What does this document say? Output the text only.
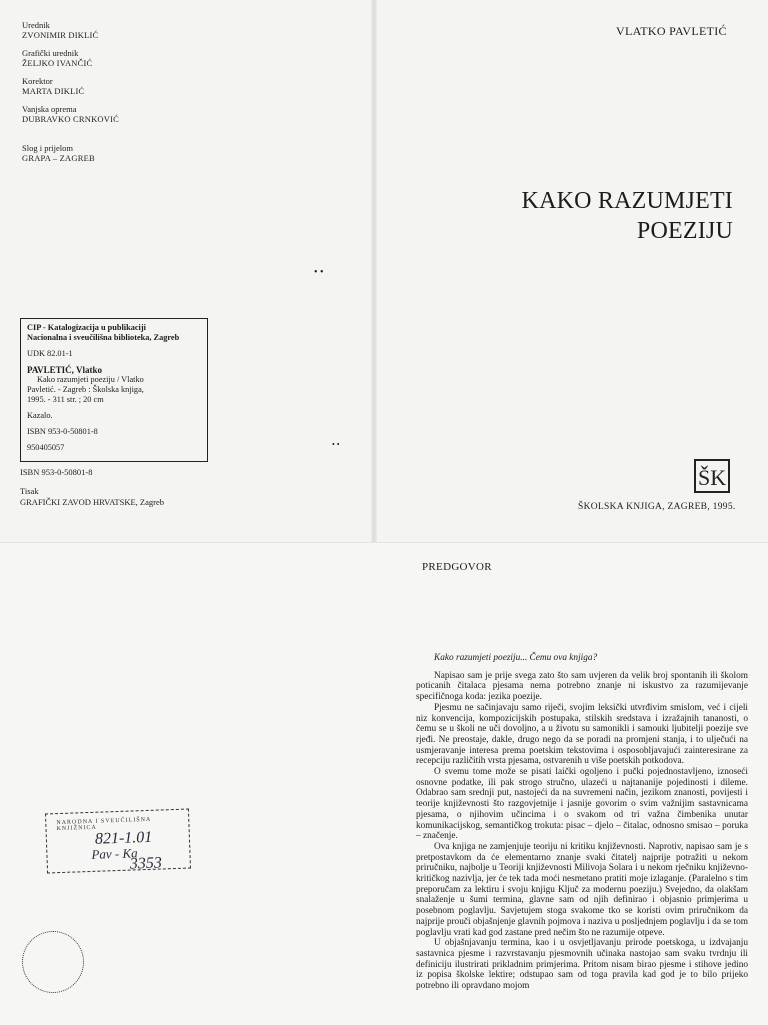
Urednik
ZVONIMIR DIKLIĆ
Grafički urednik
ŽELJKO IVANČIĆ
Korektor
MARTA DIKLIĆ
Vanjska oprema
DUBRAVKO CRNKOVIĆ
Slog i prijelom
GRAPA – ZAGREB
• •
CIP - Katalogizacija u publikaciji
Nacionalna i sveučilišna biblioteka, Zagreb
UDK 82.01-1
PAVLETIĆ, Vlatko
Kako razumjeti poeziju / Vlatko
Pavletić. - Zagreb : Školska knjiga,
1995. - 311 str. ; 20 cm
Kazalo.
ISBN 953-0-50801-8
950405057	• •
ISBN 953-0-50801-8
Tisak
GRAFIČKI ZAVOD HRVATSKE, Zagreb
VLATKO PAVLETIĆ
KAKO RAZUMJETI
POEZIJU
ŠK
ŠKOLSKA KNJIGA, ZAGREB, 1995.
PREDGOVOR
NARODNA I SVEUČILIŠNA KNJIŽNICA
821-1.01
Pav - Ka
3353
Kako razumjeti poeziju... Čemu ova knjiga?

Napisao sam je prije svega zato što sam uvjeren da velik broj spontanih ili školom poticanih čitalaca pjesama nema potrebno znanje ni iskustvo za razumijevanje specifičnoga koda: jezika poezije.

Pjesmu ne sačinjavaju samo riječi, svojim leksički utvrđivim smislom, već i cijeli niz konvencija, kompozicijskih postupaka, stilskih sredstava i izražajnih tananosti, o čemu se u školi ne uči dovoljno, a u životu su samonikli i samouki ljubitelji poezije sve rjeđi. Ne preostaje, dakle, drugo nego da se poradi na promjeni stanja, i to ulječući na usmjeravanje interesa prema poetskim tekstovima i osposobljavajući zainteresirane za recepciju različitih vrsta pjesama, ostvarenih u više poetskih potkodova.

O svemu tome može se pisati laički ogoljeno i pučki pojednostavljeno, iznoseći osnovne podatke, ili pak strogo stručno, ulazeći u najtananije pojedinosti i dileme. Odabrao sam srednji put, nastojeći da na suvremeni način, jezikom znanosti, povijesti i teorije književnosti što razgovjetnije i jasnije govorim o svim važnijim sastavnicama pjesama, o njihovim učincima i o svakom od tri važna čimbenika unutar komunikacijskog, semantičkog trokuta: pisac – djelo – čitalac, odnosno smisao – poruka – značenje.

Ova knjiga ne zamjenjuje teoriju ni kritiku književnosti. Naprotiv, napisao sam je s pretpostavkom da će elementarno znanje svaki čitatelj najprije potražiti u nekom priručniku, najbolje u Teoriji književnosti Milivoja Solara i u nekom rječniku književno-kritičkog nazivlja, jer će tek tada moći nesmetano pratiti moje izlaganje. (Paralelno s tim preporučam za lektiru i svoju knjigu Ključ za modernu poeziju.) Svejedno, da olakšam snalaženje u šumi termina, glavne sam od njih definirao i objasnio primjerima u posebnom poglavlju. Savjetujem stoga svakome tko se koristi ovim priručnikom da najprije prouči objašnjenje glavnih pojmova i naziva u posljednjem poglavlju i da se tom poglavlju vrati kad god zastane pred nečim što ne razumije otpeve.

U objašnjavanju termina, kao i u osvjetljavanju prirode poetskoga, u izdvajanju sastavnica pjesme i razvrstavanju pjesmovnih učinaka nastojao sam svaku tvrdnju ili definiciju ilustrirati prikladnim primjerima. Pritom nisam birao pjesme i stihove jedino iz popisa školske lektire; odstupao sam od toga pravila kad god je to bilo prijeko potrebno ili opravdano mojom
